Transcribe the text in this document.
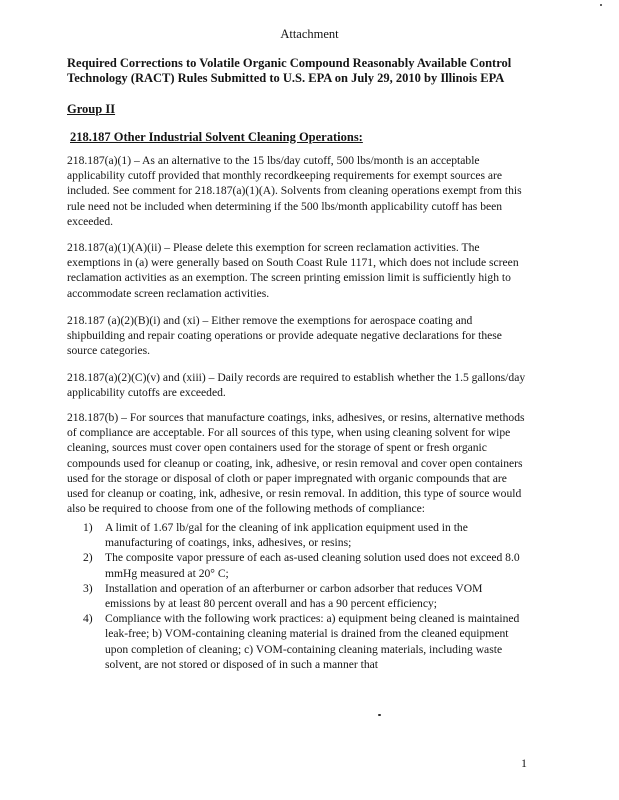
Attachment
Required Corrections to Volatile Organic Compound Reasonably Available Control Technology (RACT) Rules Submitted to U.S. EPA on July 29, 2010 by Illinois EPA
Group II
218.187 Other Industrial Solvent Cleaning Operations:
218.187(a)(1) – As an alternative to the 15 lbs/day cutoff, 500 lbs/month is an acceptable applicability cutoff provided that monthly recordkeeping requirements for exempt sources are included. See comment for 218.187(a)(1)(A). Solvents from cleaning operations exempt from this rule need not be included when determining if the 500 lbs/month applicability cutoff has been exceeded.
218.187(a)(1)(A)(ii) – Please delete this exemption for screen reclamation activities. The exemptions in (a) were generally based on South Coast Rule 1171, which does not include screen reclamation activities as an exemption. The screen printing emission limit is sufficiently high to accommodate screen reclamation activities.
218.187 (a)(2)(B)(i) and (xi) – Either remove the exemptions for aerospace coating and shipbuilding and repair coating operations or provide adequate negative declarations for these source categories.
218.187(a)(2)(C)(v) and (xiii) – Daily records are required to establish whether the 1.5 gallons/day applicability cutoffs are exceeded.
218.187(b) – For sources that manufacture coatings, inks, adhesives, or resins, alternative methods of compliance are acceptable. For all sources of this type, when using cleaning solvent for wipe cleaning, sources must cover open containers used for the storage of spent or fresh organic compounds used for cleanup or coating, ink, adhesive, or resin removal and cover open containers used for the storage or disposal of cloth or paper impregnated with organic compounds that are used for cleanup or coating, ink, adhesive, or resin removal. In addition, this type of source would also be required to choose from one of the following methods of compliance:
1) A limit of 1.67 lb/gal for the cleaning of ink application equipment used in the manufacturing of coatings, inks, adhesives, or resins;
2) The composite vapor pressure of each as-used cleaning solution used does not exceed 8.0 mmHg measured at 20° C;
3) Installation and operation of an afterburner or carbon adsorber that reduces VOM emissions by at least 80 percent overall and has a 90 percent efficiency;
4) Compliance with the following work practices: a) equipment being cleaned is maintained leak-free; b) VOM-containing cleaning material is drained from the cleaned equipment upon completion of cleaning; c) VOM-containing cleaning materials, including waste solvent, are not stored or disposed of in such a manner that
1
